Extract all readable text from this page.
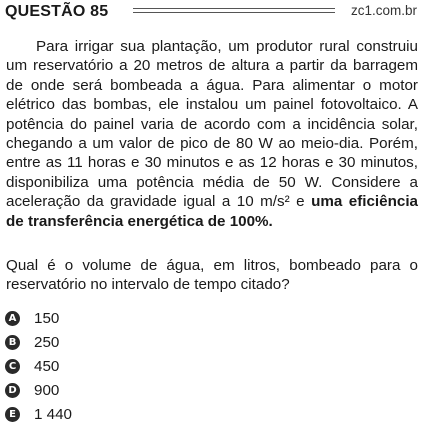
QUESTÃO 85	zc1.com.br

Para irrigar sua plantação, um produtor rural construiu um reservatório a 20 metros de altura a partir da barragem de onde será bombeada a água. Para alimentar o motor elétrico das bombas, ele instalou um painel fotovoltaico. A potência do painel varia de acordo com a incidência solar, chegando a um valor de pico de 80 W ao meio-dia. Porém, entre as 11 horas e 30 minutos e as 12 horas e 30 minutos, disponibiliza uma potência média de 50 W. Considere a aceleração da gravidade igual a 10 m/s² e uma eficiência de transferência energética de 100%.

Qual é o volume de água, em litros, bombeado para o reservatório no intervalo de tempo citado?

A 150
B 250
C 450
D 900
E 1 440
